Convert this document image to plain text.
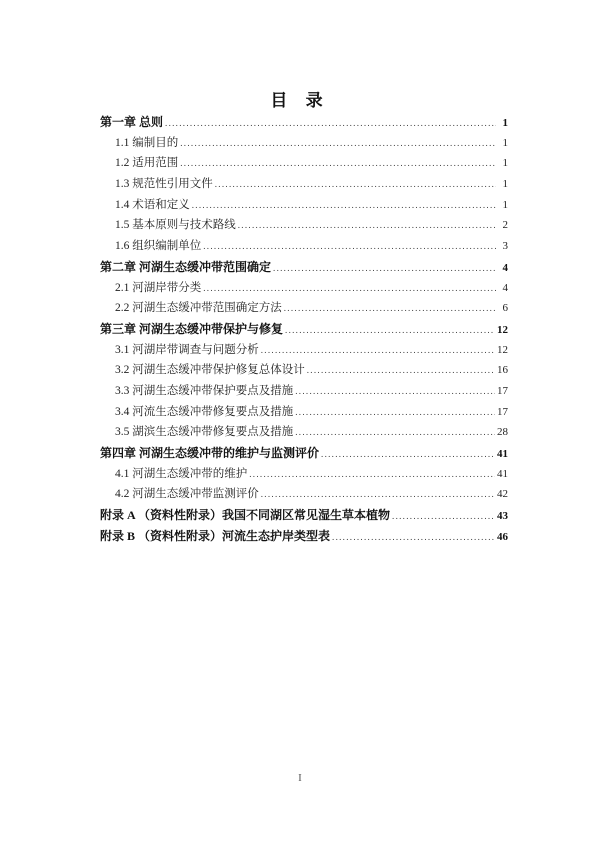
目 录
第一章 总则 .....	1
1.1 编制目的 .....	1
1.2 适用范围 .....	1
1.3 规范性引用文件 .....	1
1.4 术语和定义 .....	1
1.5 基本原则与技术路线 .....	2
1.6 组织编制单位 .....	3
第二章 河湖生态缓冲带范围确定 .....	4
2.1 河湖岸带分类 .....	4
2.2 河湖生态缓冲带范围确定方法 .....	6
第三章 河湖生态缓冲带保护与修复 .....	12
3.1 河湖岸带调查与问题分析 .....	12
3.2 河湖生态缓冲带保护修复总体设计 .....	16
3.3 河湖生态缓冲带保护要点及措施 .....	17
3.4 河流生态缓冲带修复要点及措施 .....	17
3.5 湖滨生态缓冲带修复要点及措施 .....	28
第四章 河湖生态缓冲带的维护与监测评价 .....	41
4.1 河湖生态缓冲带的维护 .....	41
4.2 河湖生态缓冲带监测评价 .....	42
附录 A （资料性附录）我国不同湖区常见湿生草本植物 .....	43
附录 B （资料性附录）河流生态护岸类型表 .....	46
I
